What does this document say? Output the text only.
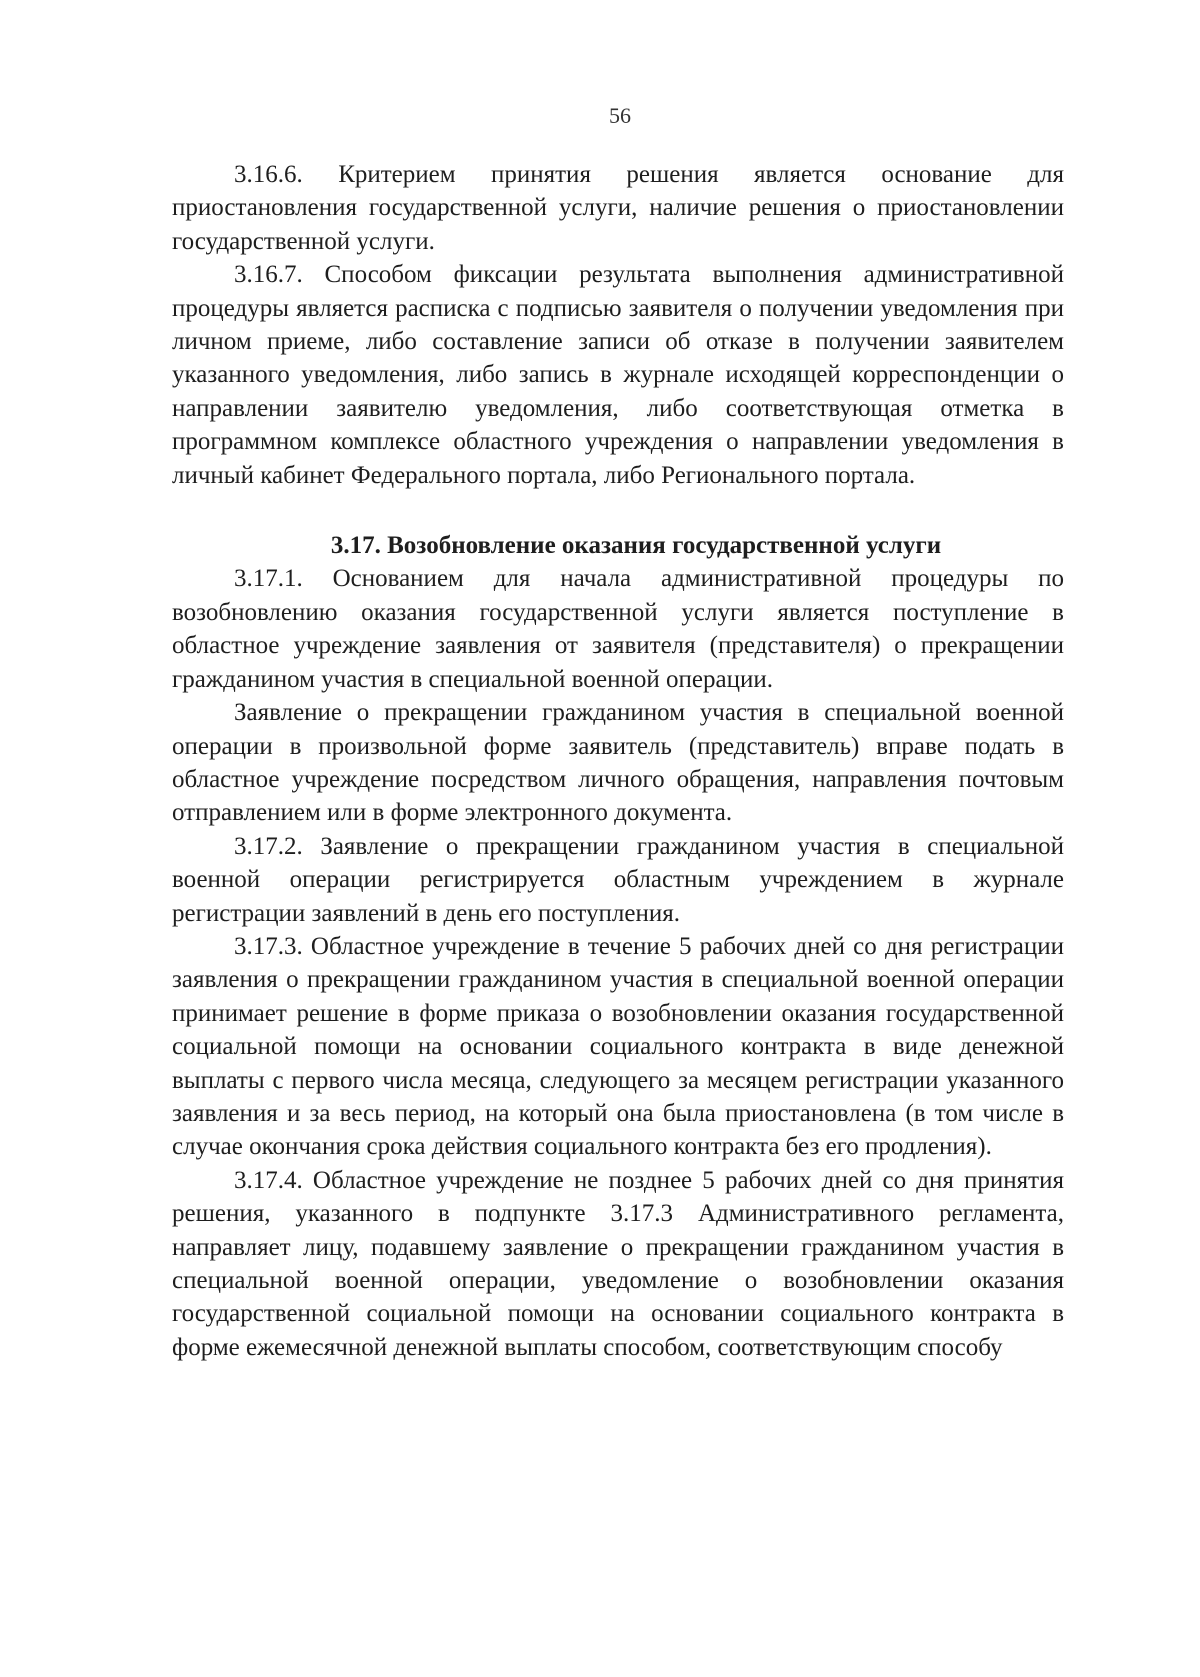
56

3.16.6. Критерием принятия решения является основание для приостановления государственной услуги, наличие решения о приостановлении государственной услуги.

3.16.7. Способом фиксации результата выполнения административной процедуры является расписка с подписью заявителя о получении уведомления при личном приеме, либо составление записи об отказе в получении заявителем указанного уведомления, либо запись в журнале исходящей корреспонденции о направлении заявителю уведомления, либо соответствующая отметка в программном комплексе областного учреждения о направлении уведомления в личный кабинет Федерального портала, либо Регионального портала.

3.17. Возобновление оказания государственной услуги

3.17.1. Основанием для начала административной процедуры по возобновлению оказания государственной услуги является поступление в областное учреждение заявления от заявителя (представителя) о прекращении гражданином участия в специальной военной операции.

Заявление о прекращении гражданином участия в специальной военной операции в произвольной форме заявитель (представитель) вправе подать в областное учреждение посредством личного обращения, направления почтовым отправлением или в форме электронного документа.

3.17.2. Заявление о прекращении гражданином участия в специальной военной операции регистрируется областным учреждением в журнале регистрации заявлений в день его поступления.

3.17.3. Областное учреждение в течение 5 рабочих дней со дня регистрации заявления о прекращении гражданином участия в специальной военной операции принимает решение в форме приказа о возобновлении оказания государственной социальной помощи на основании социального контракта в виде денежной выплаты с первого числа месяца, следующего за месяцем регистрации указанного заявления и за весь период, на который она была приостановлена (в том числе в случае окончания срока действия социального контракта без его продления).

3.17.4. Областное учреждение не позднее 5 рабочих дней со дня принятия решения, указанного в подпункте 3.17.3 Административного регламента, направляет лицу, подавшему заявление о прекращении гражданином участия в специальной военной операции, уведомление о возобновлении оказания государственной социальной помощи на основании социального контракта в форме ежемесячной денежной выплаты способом, соответствующим способу
